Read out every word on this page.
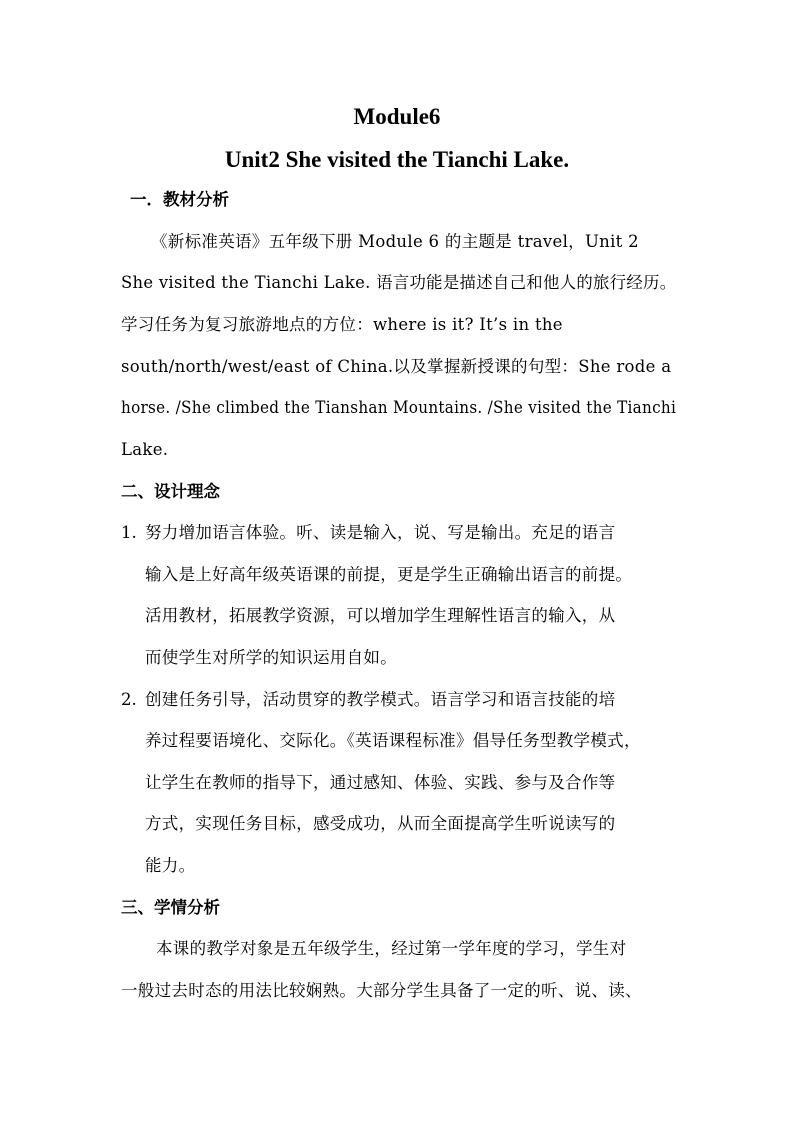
Module6
Unit2 She visited the Tianchi Lake.
一．教材分析
《新标准英语》五年级下册 Module 6 的主题是 travel，Unit 2
She visited the Tianchi Lake. 语言功能是描述自己和他人的旅行经历。
学习任务为复习旅游地点的方位：where is it? It’s in the
south/north/west/east of China.以及掌握新授课的句型：She rode a
horse. /She climbed the Tianshan Mountains. /She visited the Tianchi
Lake.
二、设计理念
1. 努力增加语言体验。听、读是输入，说、写是输出。充足的语言
输入是上好高年级英语课的前提，更是学生正确输出语言的前提。
活用教材，拓展教学资源，可以增加学生理解性语言的输入，从
而使学生对所学的知识运用自如。
2. 创建任务引导，活动贯穿的教学模式。语言学习和语言技能的培
养过程要语境化、交际化。《英语课程标准》倡导任务型教学模式，
让学生在教师的指导下，通过感知、体验、实践、参与及合作等
方式，实现任务目标，感受成功，从而全面提高学生听说读写的
能力。
三、学情分析
本课的教学对象是五年级学生，经过第一学年度的学习，学生对
一般过去时态的用法比较娴熟。大部分学生具备了一定的听、说、读、
